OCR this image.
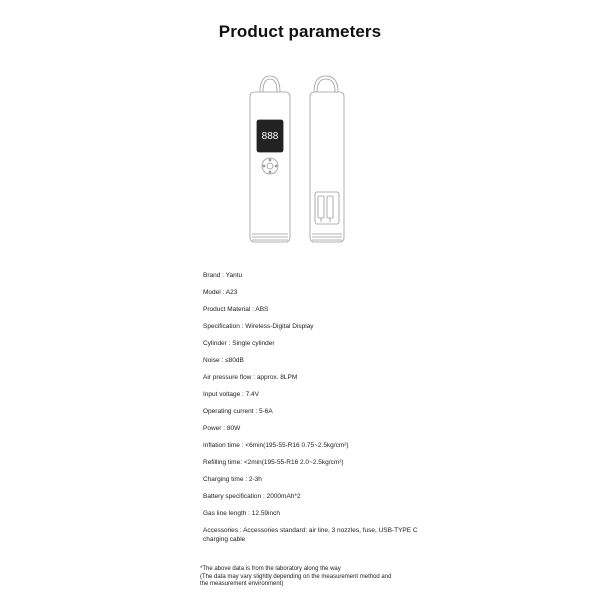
Product parameters
888
Brand : Yantu
Model : A23
Product Material : ABS
Specification : Wireless-Digital Display
Cylinder : Single cylinder
Noise : ≤80dB
Air pressure flow : approx. 8LPM
Input voltage : 7.4V
Operating current : 5-6A
Power : 80W
Inflation time : <6min(195-55-R16 0.75~2.5kg/cm²)
Refilling time: <2min(195-55-R16 2.0~2.5kg/cm²)
Charging time : 2-3h
Battery specification : 2000mAh*2
Gas line length : 12.59inch
Accessories : Accessories standard: air line, 3 nozzles, fuse, USB-TYPE C charging cable
*The above data is from the laboratory along the way
(The data may vary slightly depending on the measurement method and
the measurement environment)
